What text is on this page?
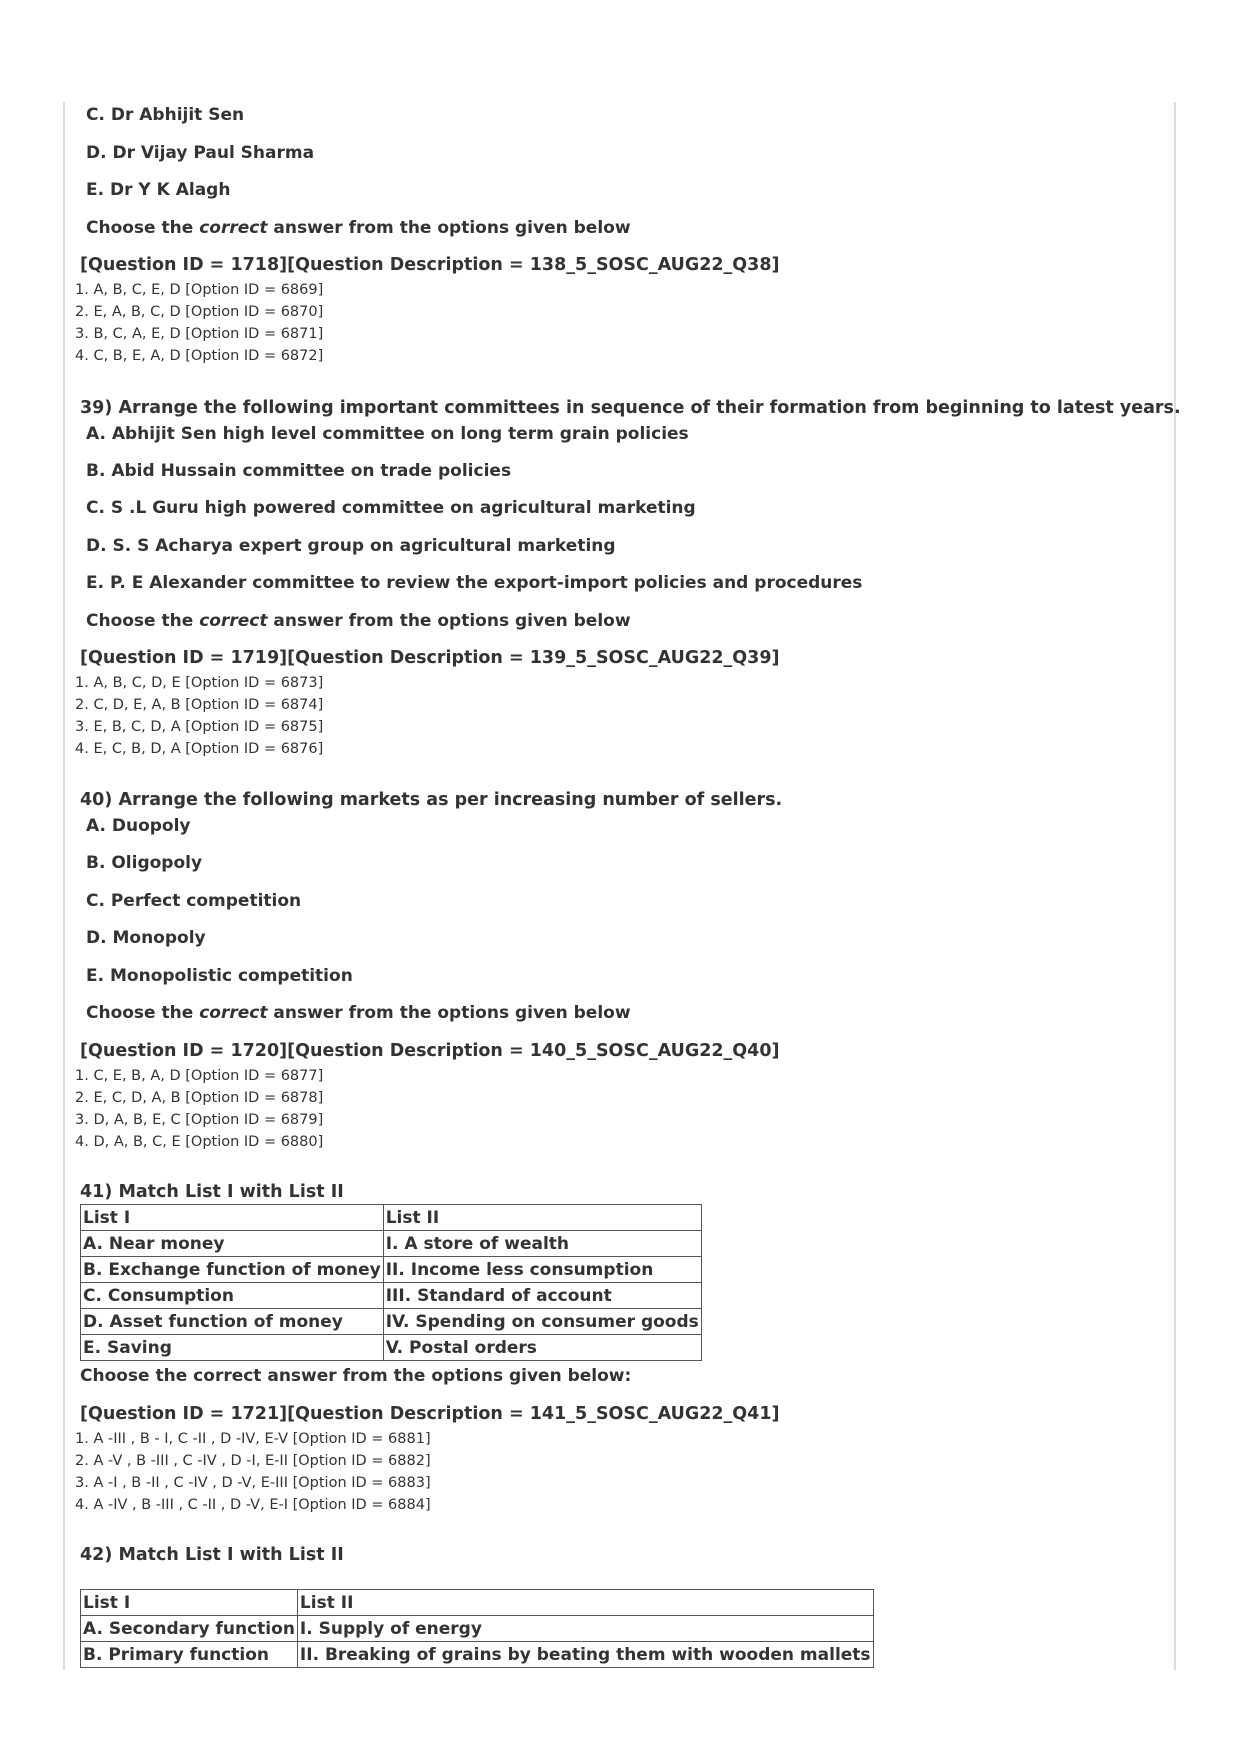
C. Dr Abhijit Sen
D. Dr Vijay Paul Sharma
E. Dr Y K Alagh
Choose the correct answer from the options given below
[Question ID = 1718][Question Description = 138_5_SOSC_AUG22_Q38]
1. A, B, C, E, D [Option ID = 6869]
2. E, A, B, C, D [Option ID = 6870]
3. B, C, A, E, D [Option ID = 6871]
4. C, B, E, A, D [Option ID = 6872]
39) Arrange the following important committees in sequence of their formation from beginning to latest years.
A. Abhijit Sen high level committee on long term grain policies
B. Abid Hussain committee on trade policies
C. S .L Guru high powered committee on agricultural marketing
D. S. S Acharya expert group on agricultural marketing
E. P. E Alexander committee to review the export-import policies and procedures
Choose the correct answer from the options given below
[Question ID = 1719][Question Description = 139_5_SOSC_AUG22_Q39]
1. A, B, C, D, E [Option ID = 6873]
2. C, D, E, A, B [Option ID = 6874]
3. E, B, C, D, A [Option ID = 6875]
4. E, C, B, D, A [Option ID = 6876]
40) Arrange the following markets as per increasing number of sellers.
A. Duopoly
B. Oligopoly
C. Perfect competition
D. Monopoly
E. Monopolistic competition
Choose the correct answer from the options given below
[Question ID = 1720][Question Description = 140_5_SOSC_AUG22_Q40]
1. C, E, B, A, D [Option ID = 6877]
2. E, C, D, A, B [Option ID = 6878]
3. D, A, B, E, C [Option ID = 6879]
4. D, A, B, C, E [Option ID = 6880]
41) Match List I with List II
List I	List II
A. Near money	I. A store of wealth
B. Exchange function of money	II. Income less consumption
C. Consumption	III. Standard of account
D. Asset function of money	IV. Spending on consumer goods
E. Saving	V. Postal orders
Choose the correct answer from the options given below:
[Question ID = 1721][Question Description = 141_5_SOSC_AUG22_Q41]
1. A -III , B - I, C -II , D -IV, E-V [Option ID = 6881]
2. A -V , B -III , C -IV , D -I, E-II [Option ID = 6882]
3. A -I , B -II , C -IV , D -V, E-III [Option ID = 6883]
4. A -IV , B -III , C -II , D -V, E-I [Option ID = 6884]
42) Match List I with List II
List I	List II
A. Secondary function	I. Supply of energy
B. Primary function	II. Breaking of grains by beating them with wooden mallets
